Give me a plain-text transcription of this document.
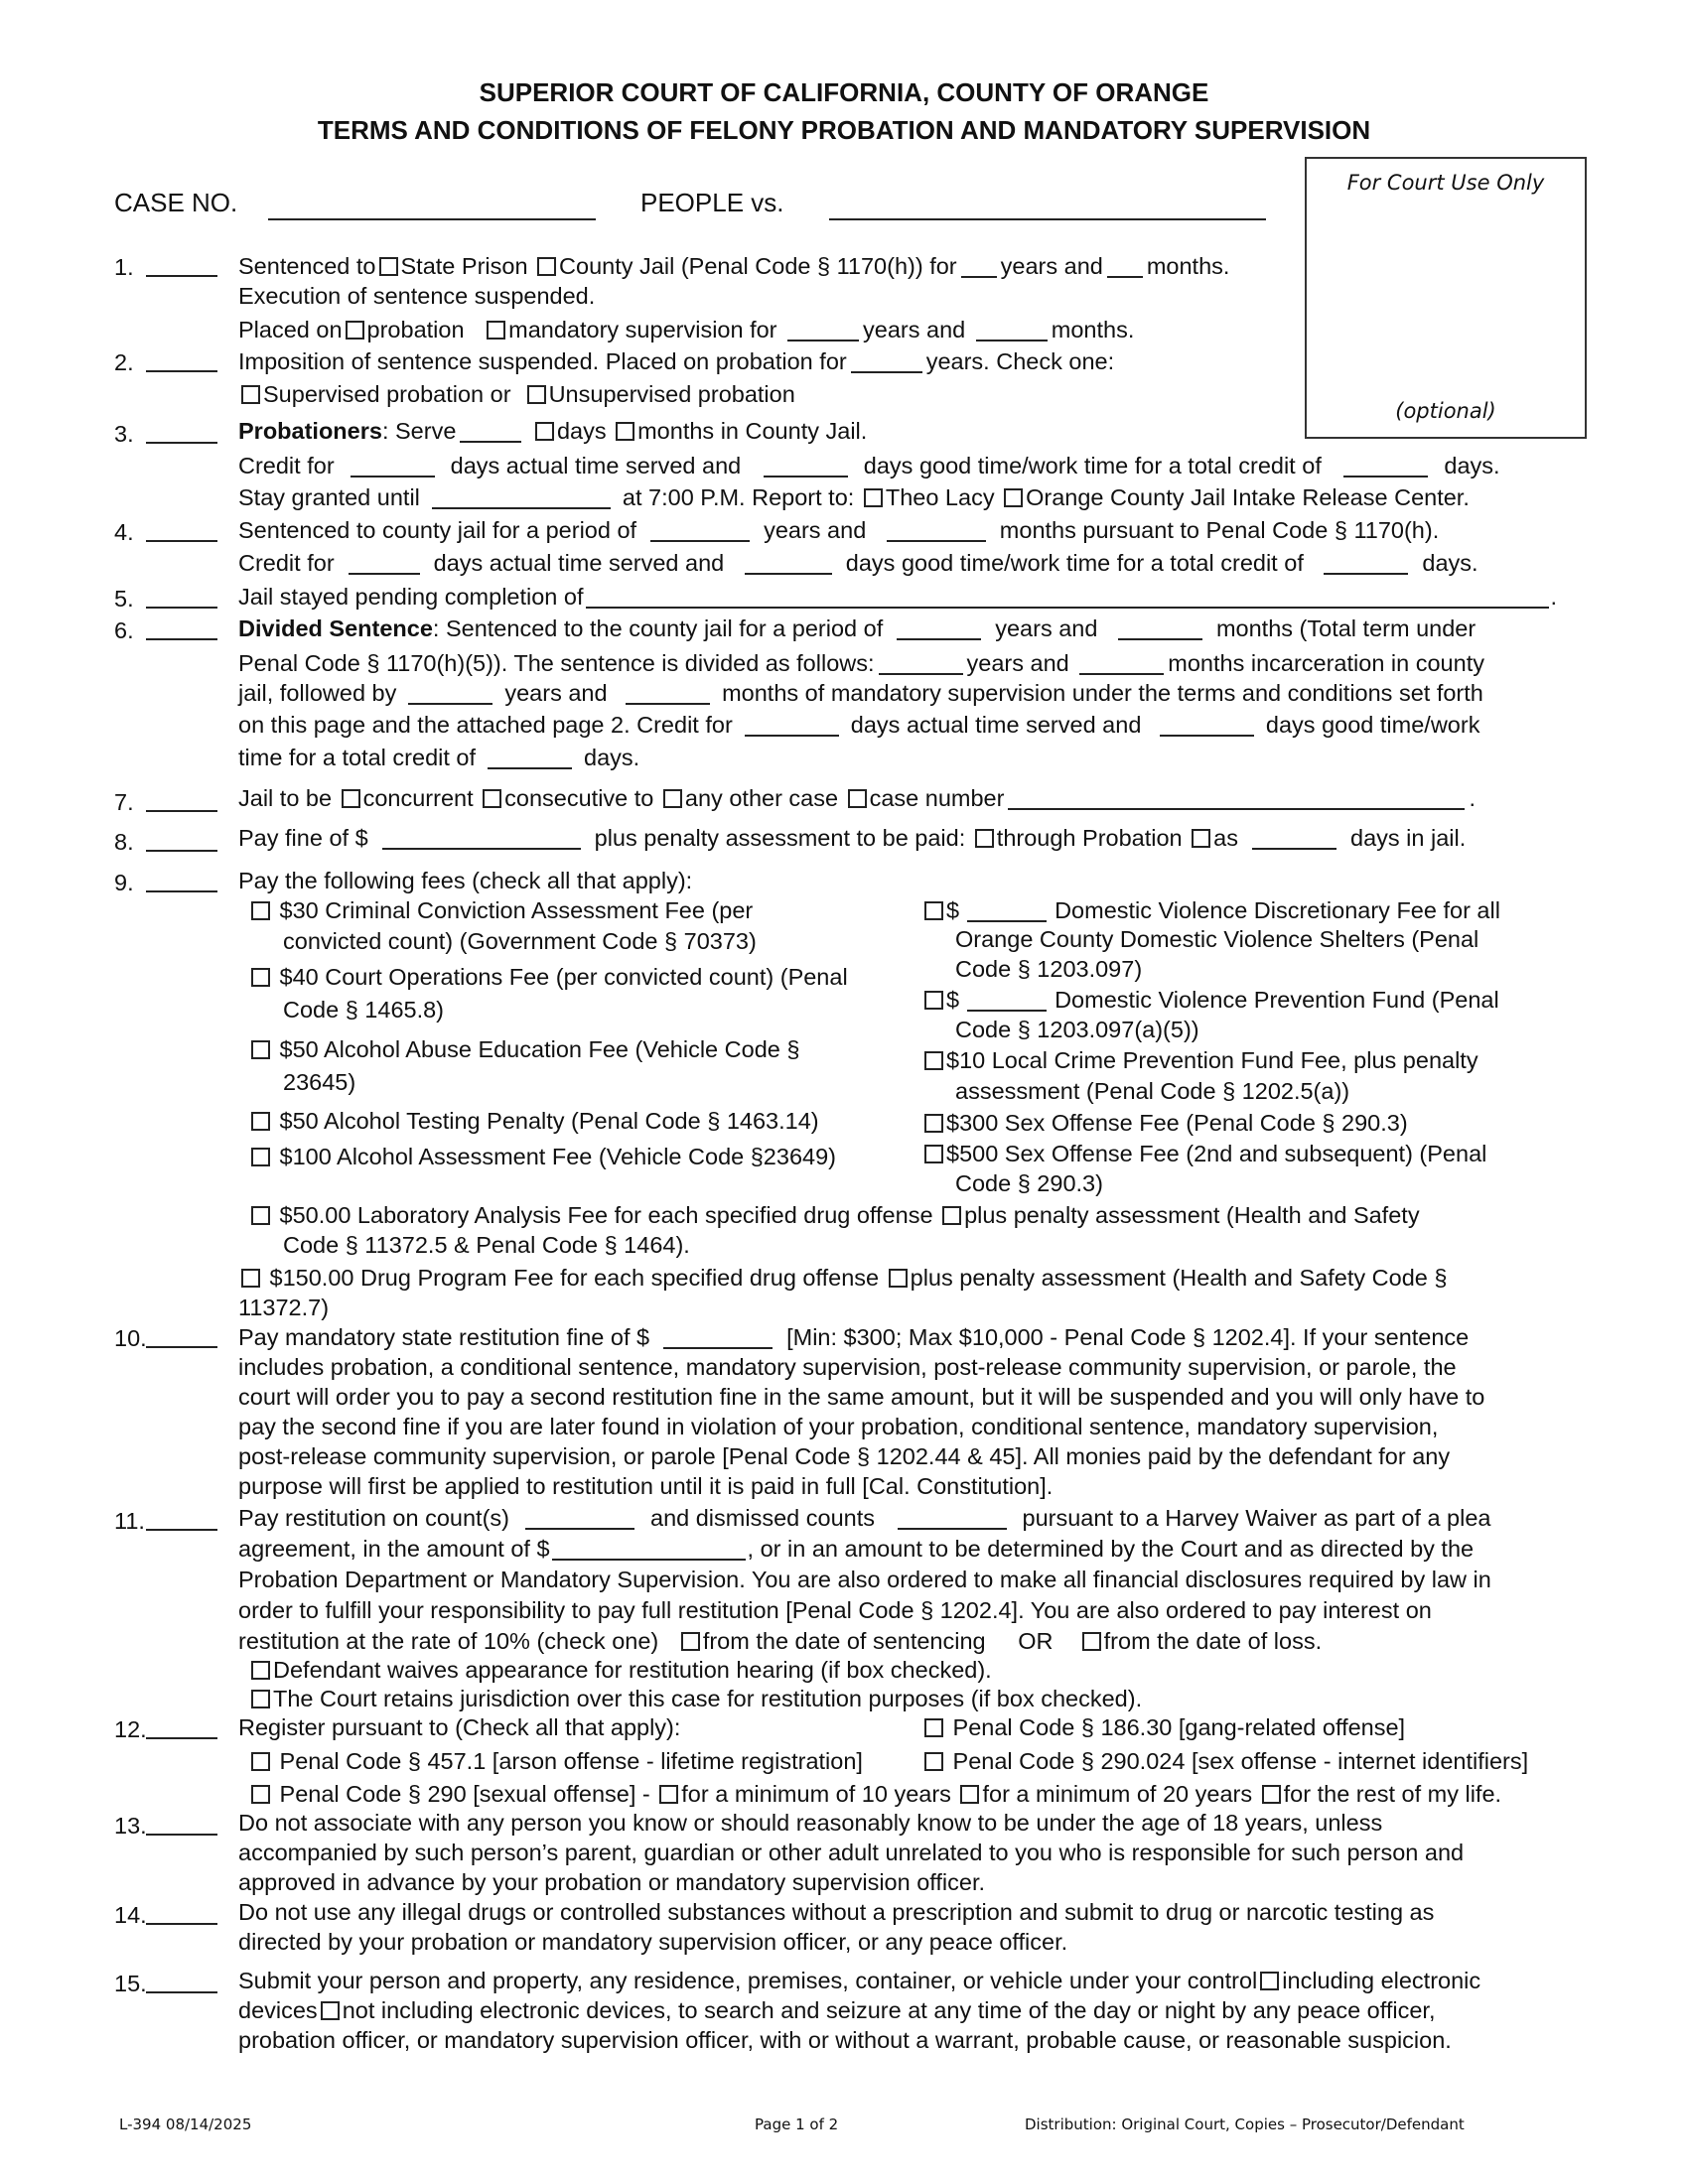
SUPERIOR COURT OF CALIFORNIA, COUNTY OF ORANGE
TERMS AND CONDITIONS OF FELONY PROBATION AND MANDATORY SUPERVISION
For Court Use Only
(optional)
CASE NO.	PEOPLE vs.
1.	Sentenced to State Prison County Jail (Penal Code § 1170(h)) for years and months.
Execution of sentence suspended.
Placed on probation mandatory supervision for	years and	months.
2.	Imposition of sentence suspended. Placed on probation for	years. Check one:
Supervised probation or Unsupervised probation
3.	Probationers: Serve	days months in County Jail.
Credit for	days actual time served and	days good time/work time for a total credit of	days.
Stay granted until	at 7:00 P.M. Report to: Theo Lacy Orange County Jail Intake Release Center.
4.	Sentenced to county jail for a period of	years and	months pursuant to Penal Code § 1170(h).
Credit for	days actual time served and	days good time/work time for a total credit of	days.
5.	Jail stayed pending completion of	.
6.	Divided Sentence: Sentenced to the county jail for a period of	years and	months (Total term under
Penal Code § 1170(h)(5)). The sentence is divided as follows:	years and	months incarceration in county
jail, followed by	years and	months of mandatory supervision under the terms and conditions set forth
on this page and the attached page 2. Credit for	days actual time served and	days good time/work
time for a total credit of	days.
7.	Jail to be concurrent consecutive to any other case case number	.
8.	Pay fine of $	plus penalty assessment to be paid: through Probation as	days in jail.
9.	Pay the following fees (check all that apply):
$30 Criminal Conviction Assessment Fee (per
convicted count) (Government Code § 70373)
$40 Court Operations Fee (per convicted count) (Penal
Code § 1465.8)
$50 Alcohol Abuse Education Fee (Vehicle Code §
23645)
$50 Alcohol Testing Penalty (Penal Code § 1463.14)
$100 Alcohol Assessment Fee (Vehicle Code §23649)
$	Domestic Violence Discretionary Fee for all
Orange County Domestic Violence Shelters (Penal
Code § 1203.097)
$	Domestic Violence Prevention Fund (Penal
Code § 1203.097(a)(5))
$10 Local Crime Prevention Fund Fee, plus penalty
assessment (Penal Code § 1202.5(a))
$300 Sex Offense Fee (Penal Code § 290.3)
$500 Sex Offense Fee (2nd and subsequent) (Penal
Code § 290.3)
$50.00 Laboratory Analysis Fee for each specified drug offense plus penalty assessment (Health and Safety
Code § 11372.5 & Penal Code § 1464).
$150.00 Drug Program Fee for each specified drug offense plus penalty assessment (Health and Safety Code §
11372.7)
10.	Pay mandatory state restitution fine of $	[Min: $300; Max $10,000 - Penal Code § 1202.4]. If your sentence
includes probation, a conditional sentence, mandatory supervision, post-release community supervision, or parole, the
court will order you to pay a second restitution fine in the same amount, but it will be suspended and you will only have to
pay the second fine if you are later found in violation of your probation, conditional sentence, mandatory supervision,
post-release community supervision, or parole [Penal Code § 1202.44 & 45]. All monies paid by the defendant for any
purpose will first be applied to restitution until it is paid in full [Cal. Constitution].
11.	Pay restitution on count(s)	and dismissed counts	pursuant to a Harvey Waiver as part of a plea
agreement, in the amount of $	, or in an amount to be determined by the Court and as directed by the
Probation Department or Mandatory Supervision. You are also ordered to make all financial disclosures required by law in
order to fulfill your responsibility to pay full restitution [Penal Code § 1202.4]. You are also ordered to pay interest on
restitution at the rate of 10% (check one) from the date of sentencing OR from the date of loss.
Defendant waives appearance for restitution hearing (if box checked).
The Court retains jurisdiction over this case for restitution purposes (if box checked).
12.	Register pursuant to (Check all that apply):	Penal Code § 186.30 [gang-related offense]
Penal Code § 457.1 [arson offense - lifetime registration]	Penal Code § 290.024 [sex offense - internet identifiers]
Penal Code § 290 [sexual offense] - for a minimum of 10 years for a minimum of 20 years for the rest of my life.
13.	Do not associate with any person you know or should reasonably know to be under the age of 18 years, unless
accompanied by such person’s parent, guardian or other adult unrelated to you who is responsible for such person and
approved in advance by your probation or mandatory supervision officer.
14.	Do not use any illegal drugs or controlled substances without a prescription and submit to drug or narcotic testing as
directed by your probation or mandatory supervision officer, or any peace officer.
15.	Submit your person and property, any residence, premises, container, or vehicle under your control including electronic
devices not including electronic devices, to search and seizure at any time of the day or night by any peace officer,
probation officer, or mandatory supervision officer, with or without a warrant, probable cause, or reasonable suspicion.
L-394 08/14/2025	Page 1 of 2	Distribution: Original Court, Copies – Prosecutor/Defendant
